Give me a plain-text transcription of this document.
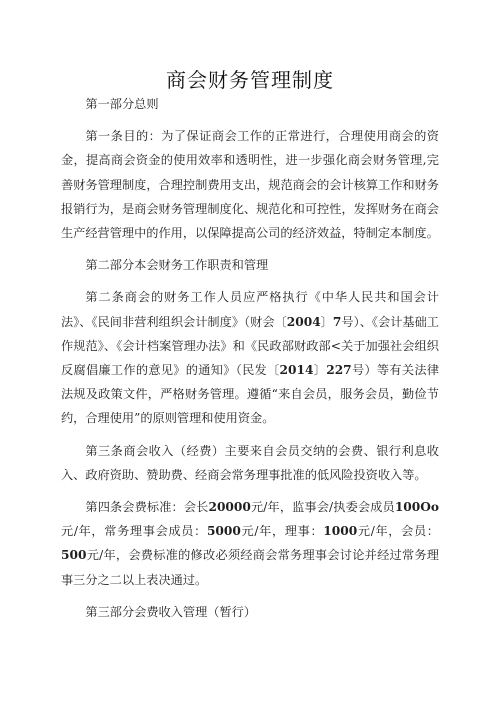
商会财务管理制度

第一部分总则

第一条目的：为了保证商会工作的正常进行，合理使用商会的资金，提高商会资金的使用效率和透明性，进一步强化商会财务管理,完善财务管理制度，合理控制费用支出，规范商会的会计核算工作和财务报销行为，是商会财务管理制度化、规范化和可控性，发挥财务在商会生产经营管理中的作用，以保障提高公司的经济效益，特制定本制度。

第二部分本会财务工作职责和管理

第二条商会的财务工作人员应严格执行《中华人民共和国会计法》、《民间非营利组织会计制度》（财会〔2004〕7号）、《会计基础工作规范》、《会计档案管理办法》和《民政部财政部<关于加强社会组织反腐倡廉工作的意见》的通知》（民发〔2014〕227号）等有关法律法规及政策文件，严格财务管理。遵循“来自会员，服务会员，勤俭节约，合理使用”的原则管理和使用资金。

第三条商会收入（经费）主要来自会员交纳的会费、银行利息收入、政府资助、赞助费、经商会常务理事批准的低风险投资收入等。

第四条会费标准：会长20000元/年，监事会/执委会成员100Oo元/年，常务理事会成员：5000元/年，理事：1000元/年，会员：500元/年，会费标准的修改必须经商会常务理事会讨论并经过常务理事三分之二以上表决通过。

第三部分会费收入管理（暂行）
